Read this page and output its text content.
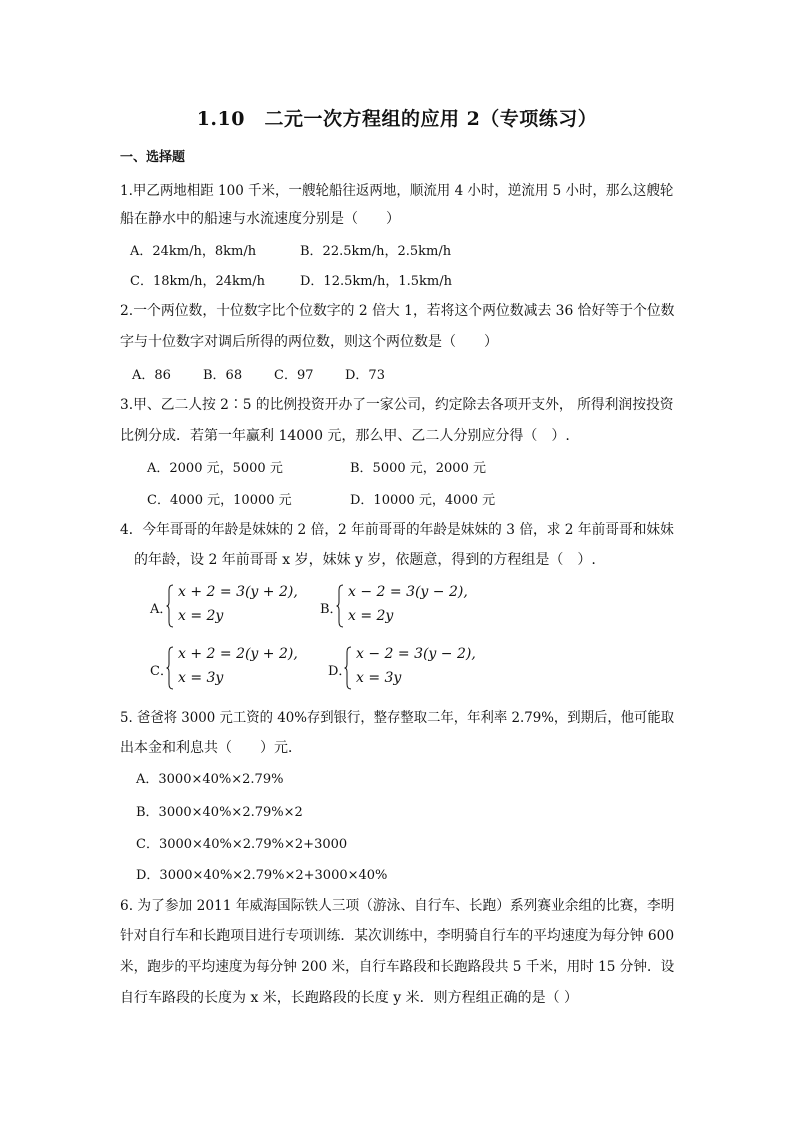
1.10　二元一次方程组的应用 2（专项练习）
一、选择题
1.甲乙两地相距 100 千米，一艘轮船往返两地，顺流用 4 小时，逆流用 5 小时，那么这艘轮
船在静水中的船速与水流速度分别是（　　）
A．24km/h，8km/h	B．22.5km/h，2.5km/h
C．18km/h，24km/h	D．12.5km/h，1.5km/h
2.一个两位数，十位数字比个位数字的 2 倍大 1，若将这个两位数减去 36 恰好等于个位数
字与十位数字对调后所得的两位数，则这个两位数是（　　）
A．86 B．68 C．97 D．73
3.甲、乙二人按 2∶5 的比例投资开办了一家公司，约定除去各项开支外， 所得利润按投资
比例分成．若第一年赢利 14000 元，那么甲、乙二人分别应分得（　）.
A．2000 元，5000 元	B．5000 元，2000 元
C．4000 元，10000 元	D．10000 元，4000 元
4．今年哥哥的年龄是妹妹的 2 倍，2 年前哥哥的年龄是妹妹的 3 倍，求 2 年前哥哥和妹妹
的年龄，设 2 年前哥哥 x 岁，妹妹 y 岁，依题意，得到的方程组是（　）.
A．
x + 2 = 3(y + 2),
x = 2y	B．
x − 2 = 3(y − 2),
x = 2y
C．
x + 2 = 2(y + 2),
x = 3y	D．
x − 2 = 3(y − 2),
x = 3y
5. 爸爸将 3000 元工资的 40%存到银行，整存整取二年，年利率 2.79%，到期后，他可能取
出本金和利息共（　　）元．
A．3000×40%×2.79%
B．3000×40%×2.79%×2
C．3000×40%×2.79%×2+3000
D．3000×40%×2.79%×2+3000×40%
6. 为了参加 2011 年威海国际铁人三项（游泳、自行车、长跑）系列赛业余组的比赛，李明
针对自行车和长跑项目进行专项训练．某次训练中，李明骑自行车的平均速度为每分钟 600
米，跑步的平均速度为每分钟 200 米，自行车路段和长跑路段共 5 千米，用时 15 分钟．设
自行车路段的长度为 x 米，长跑路段的长度 y 米．则方程组正确的是（ ）
